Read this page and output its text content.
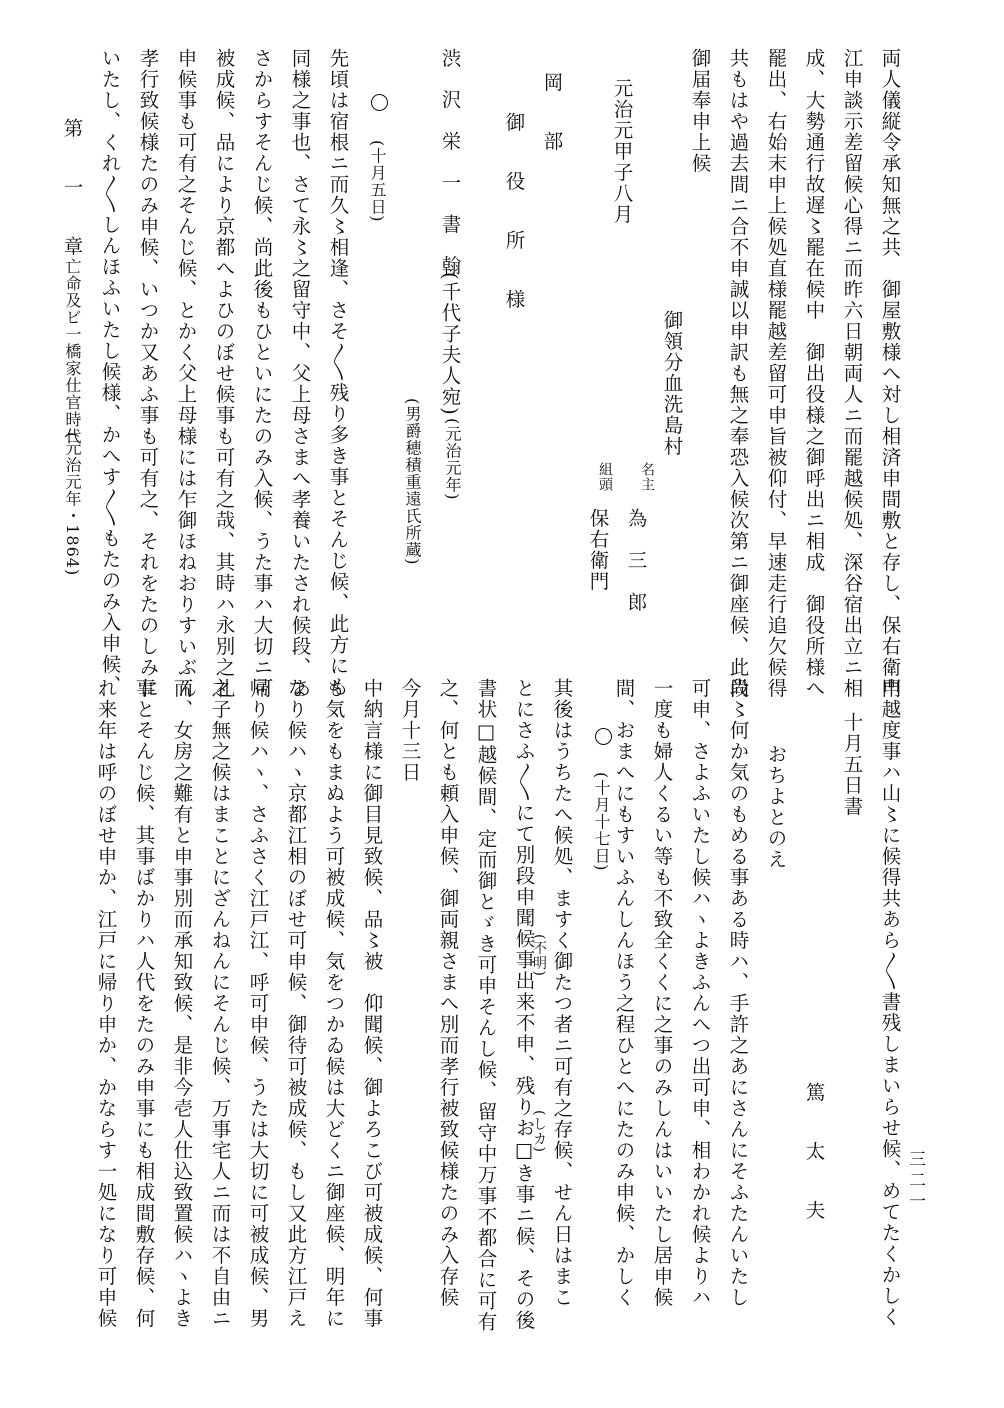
両人儀縦令承知無之共　御屋敷様へ対し相済申間敷と存し、保右衛門
江申談示差留候心得ニ而昨六日朝両人ニ而罷越候処、深谷宿出立ニ相
成、大勢通行故遅〻罷在候中　御出役様之御呼出ニ相成　御役所様へ
罷出、右始末申上候処直様罷越差留可申旨被仰付、早速走行追欠候得
共もはや過去間ニ合不申誠以申訳も無之奉恐入候次第ニ御座候、此段
御届奉申上候
御領分血洗島村
名主
為　三　郎
組頭
保右衛門
元治元甲子八月
岡　部
御　役　所　様
渋沢栄一書翰
(千代子夫人宛)
(元治元年)
(男爵穂積重遠氏所蔵)
(十月五日)
先頃は宿根ニ而久〻相逢、さそ〱残り多き事とそんじ候、此方にも
同様之事也、さて永〻之留守中、父上母さまへ孝養いたされ候段、あ
さからすそんじ候、尚此後もひといにたのみ入候、うた事ハ大切ニ可
被成候、品により京都へよひのぼせ候事も可有之哉、其時ハ永別之礼
申候事も可有之そんじ候、とかく父上母様には乍御ほねおりすいぶん
孝行致候様たのみ申候、いつか又あふ事も可有之、それをたのしみに
いたし、くれ〱しんほふいたし候様、かへす〱もたのみ入申候、
第　一　章
亡命及ビ一橋家仕官時代
(元治元年・1864)
申越度事ハ山〻に候得共あら〱書残しまいらせ候、めてたくかしく
十月五日書
篤　太　夫
おちよとのえ
尚〻何か気のもめる事ある時ハ、手許之あにさんにそふたんいたし
可申、さよふいたし候ハヽよきふんへつ出可申、相わかれ候よりハ
一度も婦人くるい等も不致全くくに之事のみしんはいいたし居申候
間、おまへにもすいふんしんほう之程ひとへにたのみ申候、かしく
(十月十七日)
其後はうちたへ候処、ますく御たつ者ニ可有之存候、せん日はまこ
とにさふ〱にて別段申聞候事出来不申、残りお□き事ニ候、その後
(不明)
(しカ)
書状□越候間、定而御とゞき可申そんし候、留守中万事不都合に可有
之、何とも頼入申候、御両親さまへ別而孝行被致候様たのみ入存候
今月十三日
中納言様に御目見致候、品〻被　仰聞候、御よろこび可被成候、何事
も気をもまぬよう可被成候、気をつかゐ候は大どくニ御座候、明年に
なり候ハヽ京都江相のぼせ可申候、御待可被成候、もし又此方江戸え
帰り候ハヽ、さふさく江戸江、呼可申候、うたは大切に可被成候、男
之子無之候はまことにざんねんにそんじ候、万事宅人ニ而は不自由ニ
而、女房之難有と申事別而承知致候、是非今壱人仕込致置候ハヽよき
事とそんじ候、其事ばかりハ人代をたのみ申事にも相成間敷存候、何
れ来年は呼のぼせ申か、江戸に帰り申か、かならす一処になり可申候	三二一
